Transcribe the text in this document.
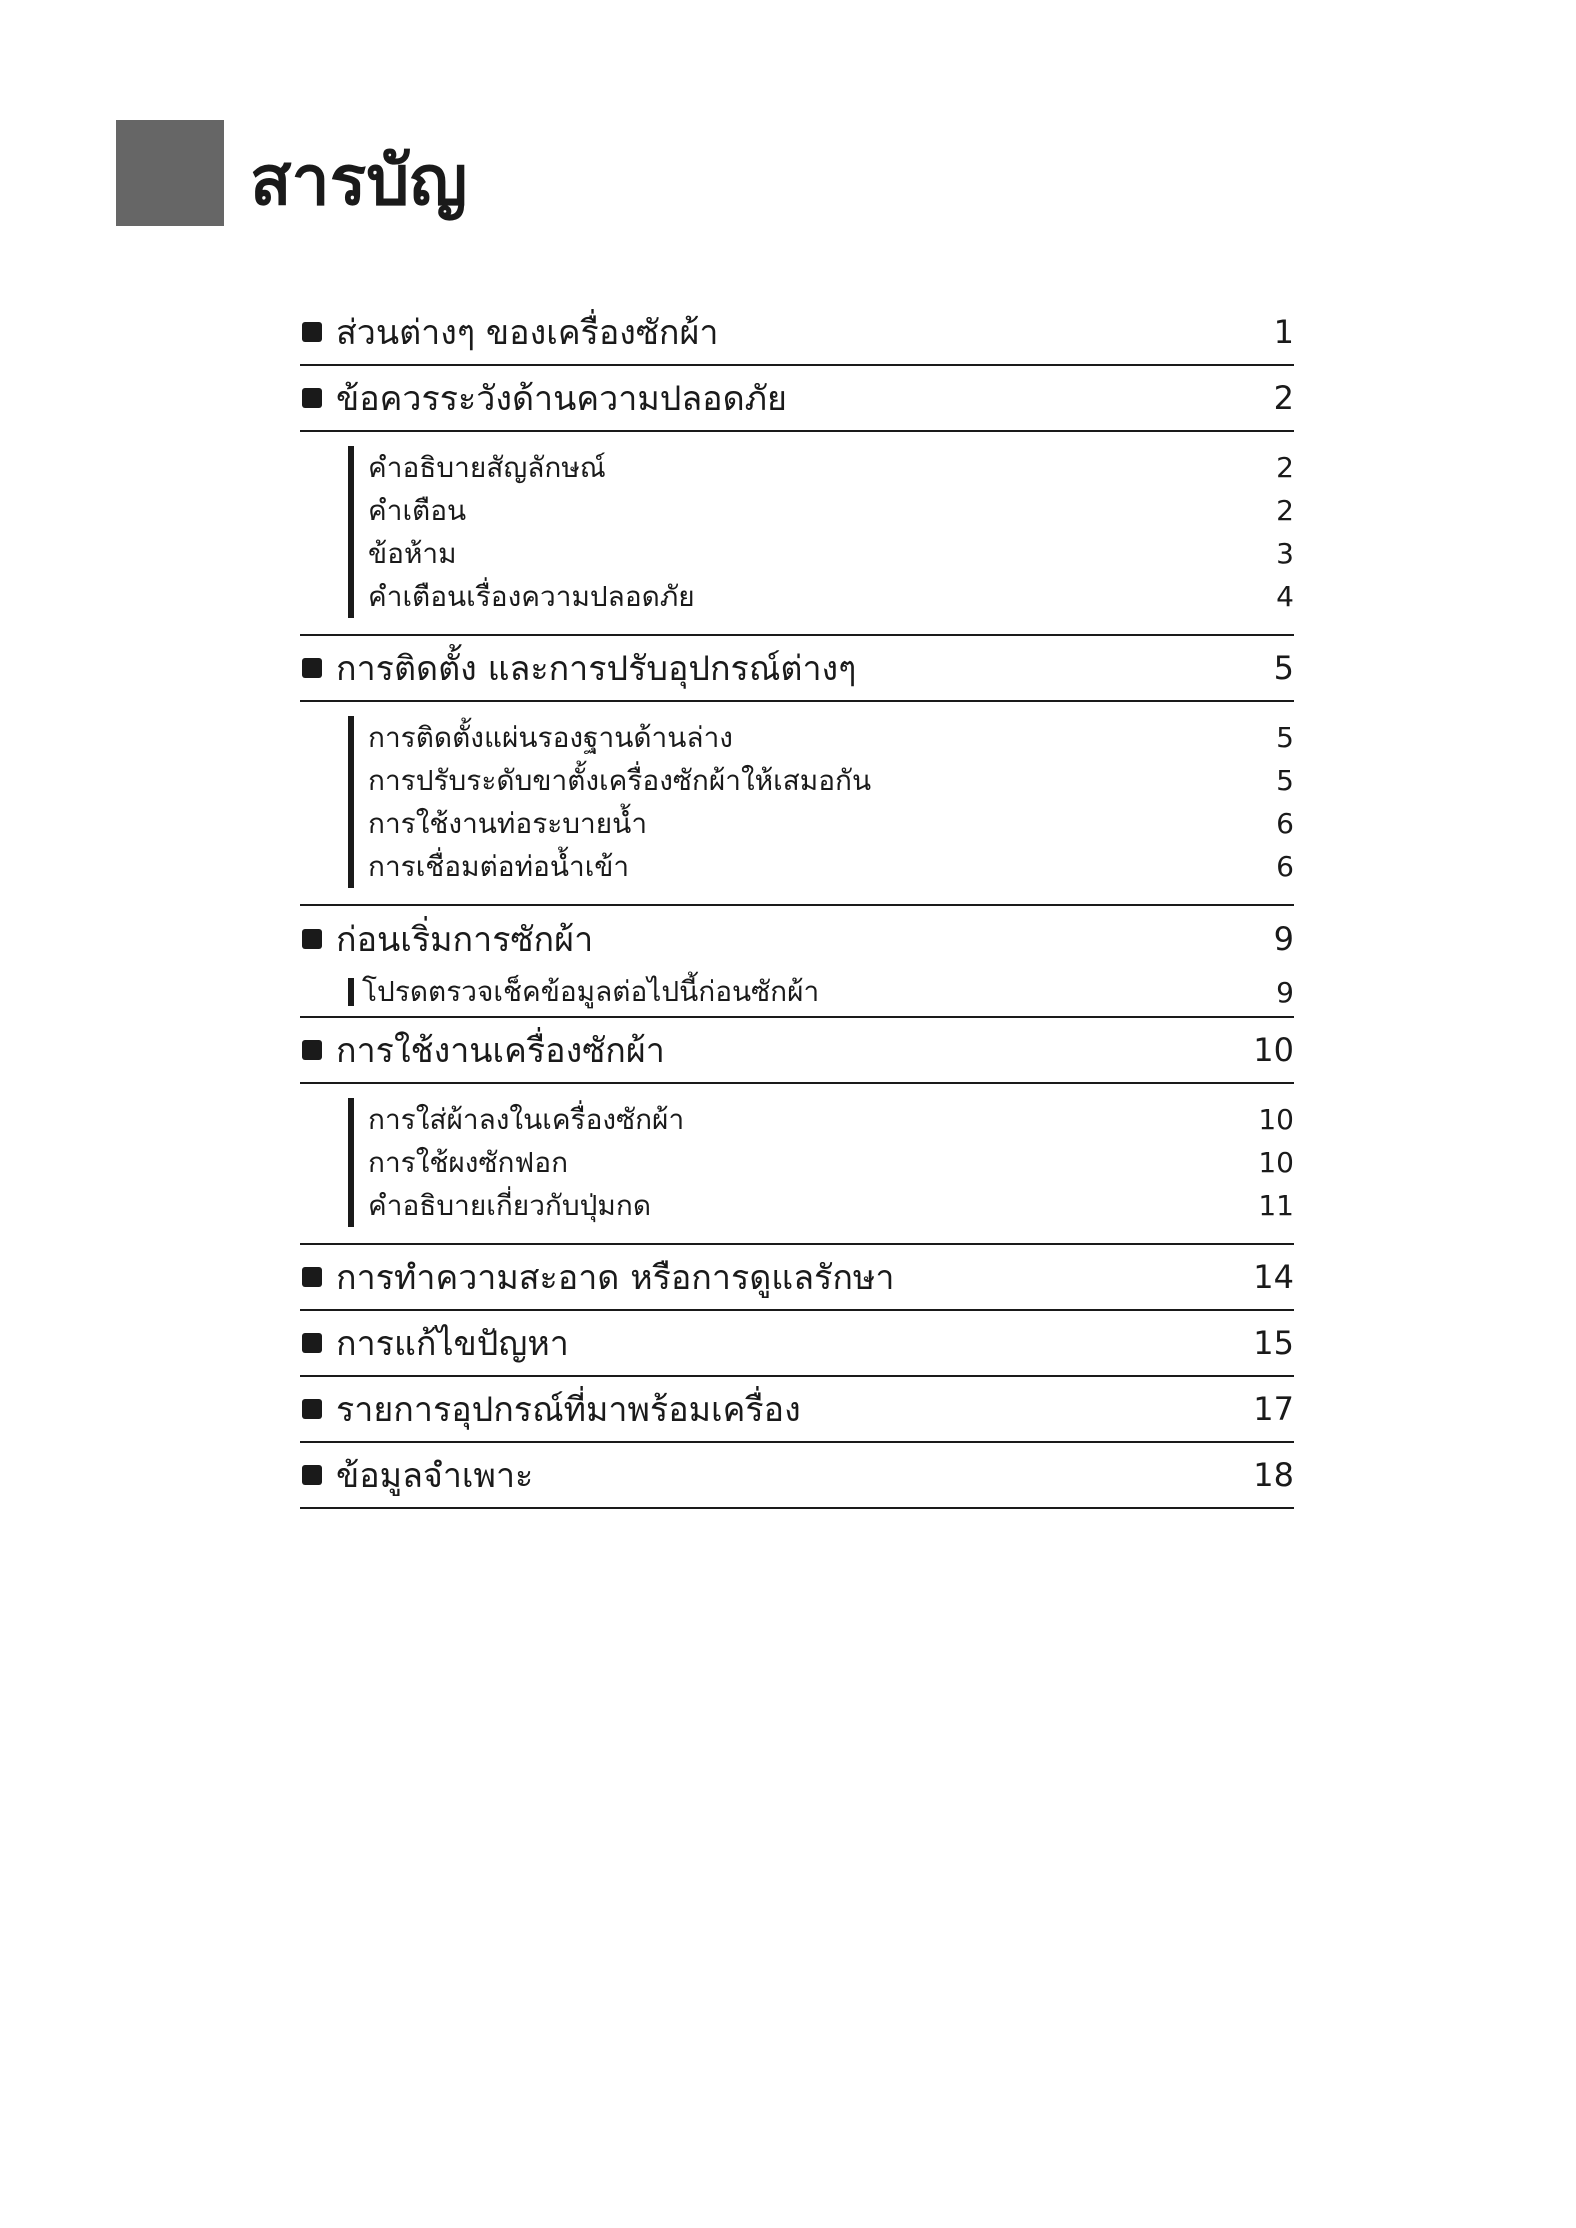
สารบัญ
ส่วนต่างๆ ของเครื่องซักผ้า	1
ข้อควรระวังด้านความปลอดภัย	2
คำอธิบายสัญลักษณ์	2
คำเตือน	2
ข้อห้าม	3
คำเตือนเรื่องความปลอดภัย	4
การติดตั้ง และการปรับอุปกรณ์ต่างๆ	5
การติดตั้งแผ่นรองฐานด้านล่าง	5
การปรับระดับขาตั้งเครื่องซักผ้าให้เสมอกัน	5
การใช้งานท่อระบายน้ำ	6
การเชื่อมต่อท่อน้ำเข้า	6
ก่อนเริ่มการซักผ้า	9
โปรดตรวจเช็คข้อมูลต่อไปนี้ก่อนซักผ้า	9
การใช้งานเครื่องซักผ้า	10
การใส่ผ้าลงในเครื่องซักผ้า	10
การใช้ผงซักฟอก	10
คำอธิบายเกี่ยวกับปุ่มกด	11
การทำความสะอาด หรือการดูแลรักษา	14
การแก้ไขปัญหา	15
รายการอุปกรณ์ที่มาพร้อมเครื่อง	17
ข้อมูลจำเพาะ	18
